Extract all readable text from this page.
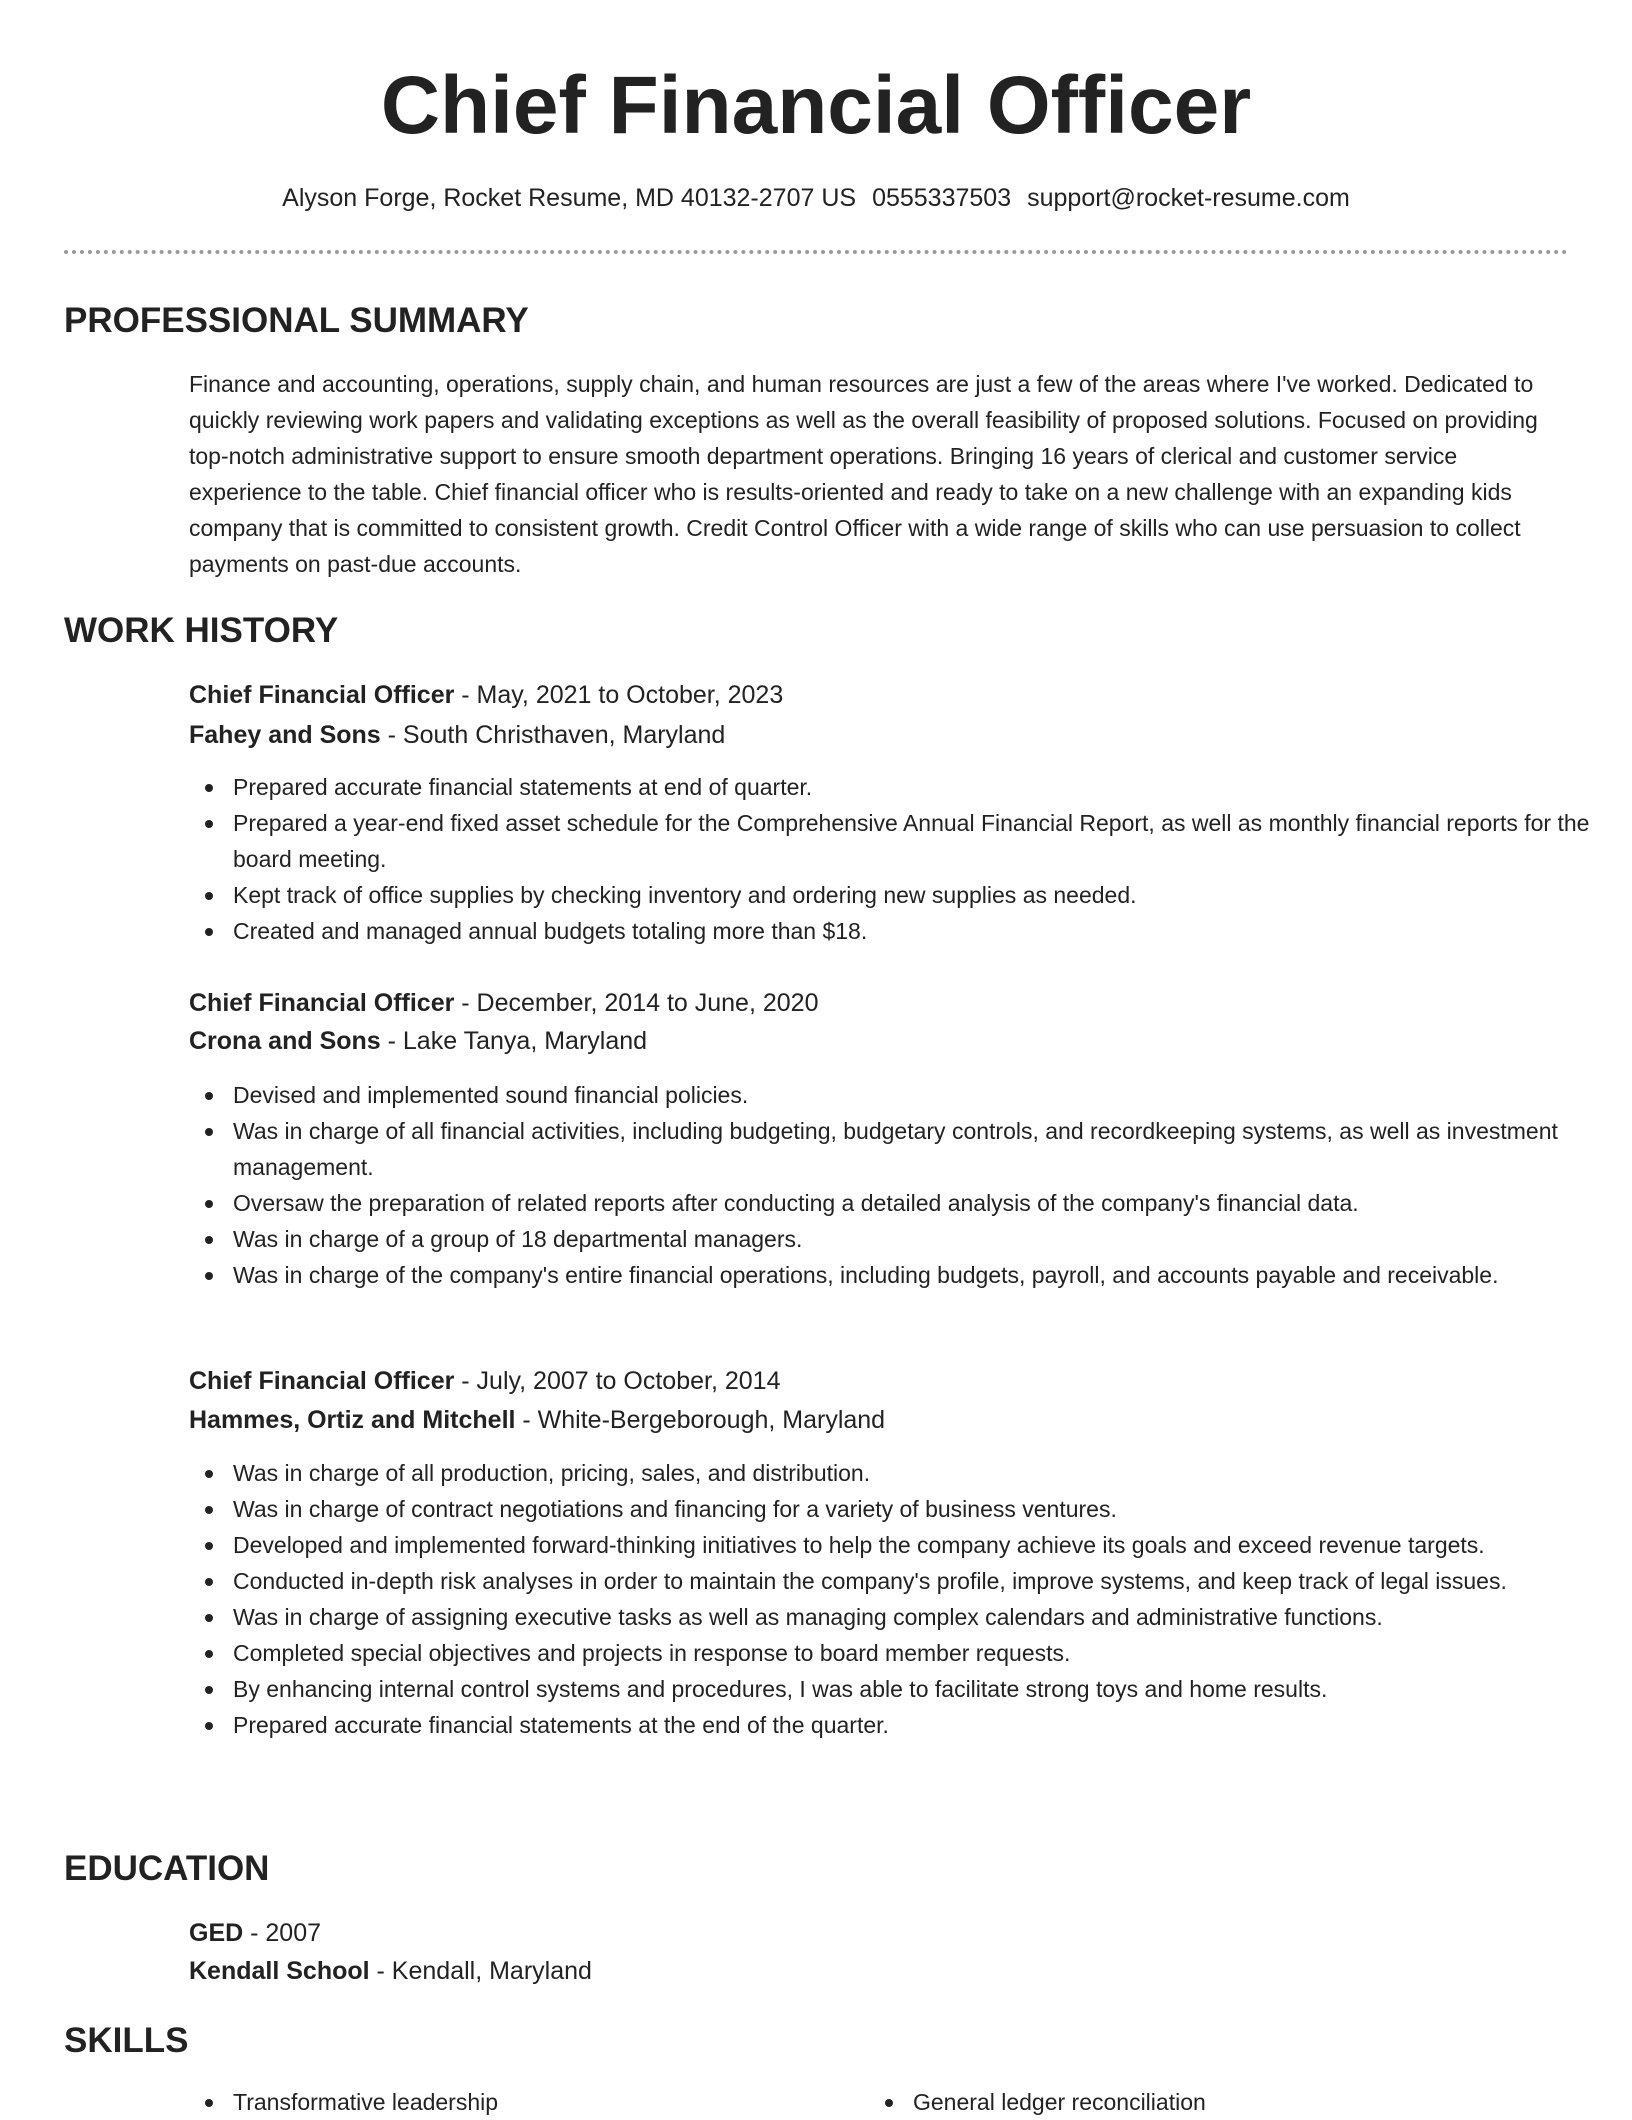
Chief Financial Officer
Alyson Forge, Rocket Resume, MD 40132-2707 US 0555337503 support@rocket-resume.com
PROFESSIONAL SUMMARY
Finance and accounting, operations, supply chain, and human resources are just a few of the areas where I've worked. Dedicated to quickly reviewing work papers and validating exceptions as well as the overall feasibility of proposed solutions. Focused on providing top-notch administrative support to ensure smooth department operations. Bringing 16 years of clerical and customer service experience to the table. Chief financial officer who is results-oriented and ready to take on a new challenge with an expanding kids company that is committed to consistent growth. Credit Control Officer with a wide range of skills who can use persuasion to collect payments on past-due accounts.
WORK HISTORY
Chief Financial Officer - May, 2021 to October, 2023
Fahey and Sons - South Christhaven, Maryland
Prepared accurate financial statements at end of quarter.
Prepared a year-end fixed asset schedule for the Comprehensive Annual Financial Report, as well as monthly financial reports for the board meeting.
Kept track of office supplies by checking inventory and ordering new supplies as needed.
Created and managed annual budgets totaling more than $18.
Chief Financial Officer - December, 2014 to June, 2020
Crona and Sons - Lake Tanya, Maryland
Devised and implemented sound financial policies.
Was in charge of all financial activities, including budgeting, budgetary controls, and recordkeeping systems, as well as investment management.
Oversaw the preparation of related reports after conducting a detailed analysis of the company's financial data.
Was in charge of a group of 18 departmental managers.
Was in charge of the company's entire financial operations, including budgets, payroll, and accounts payable and receivable.
Chief Financial Officer - July, 2007 to October, 2014
Hammes, Ortiz and Mitchell - White-Bergeborough, Maryland
Was in charge of all production, pricing, sales, and distribution.
Was in charge of contract negotiations and financing for a variety of business ventures.
Developed and implemented forward-thinking initiatives to help the company achieve its goals and exceed revenue targets.
Conducted in-depth risk analyses in order to maintain the company's profile, improve systems, and keep track of legal issues.
Was in charge of assigning executive tasks as well as managing complex calendars and administrative functions.
Completed special objectives and projects in response to board member requests.
By enhancing internal control systems and procedures, I was able to facilitate strong toys and home results.
Prepared accurate financial statements at the end of the quarter.
EDUCATION
GED - 2007
Kendall School - Kendall, Maryland
SKILLS
Transformative leadership	General ledger reconciliation
